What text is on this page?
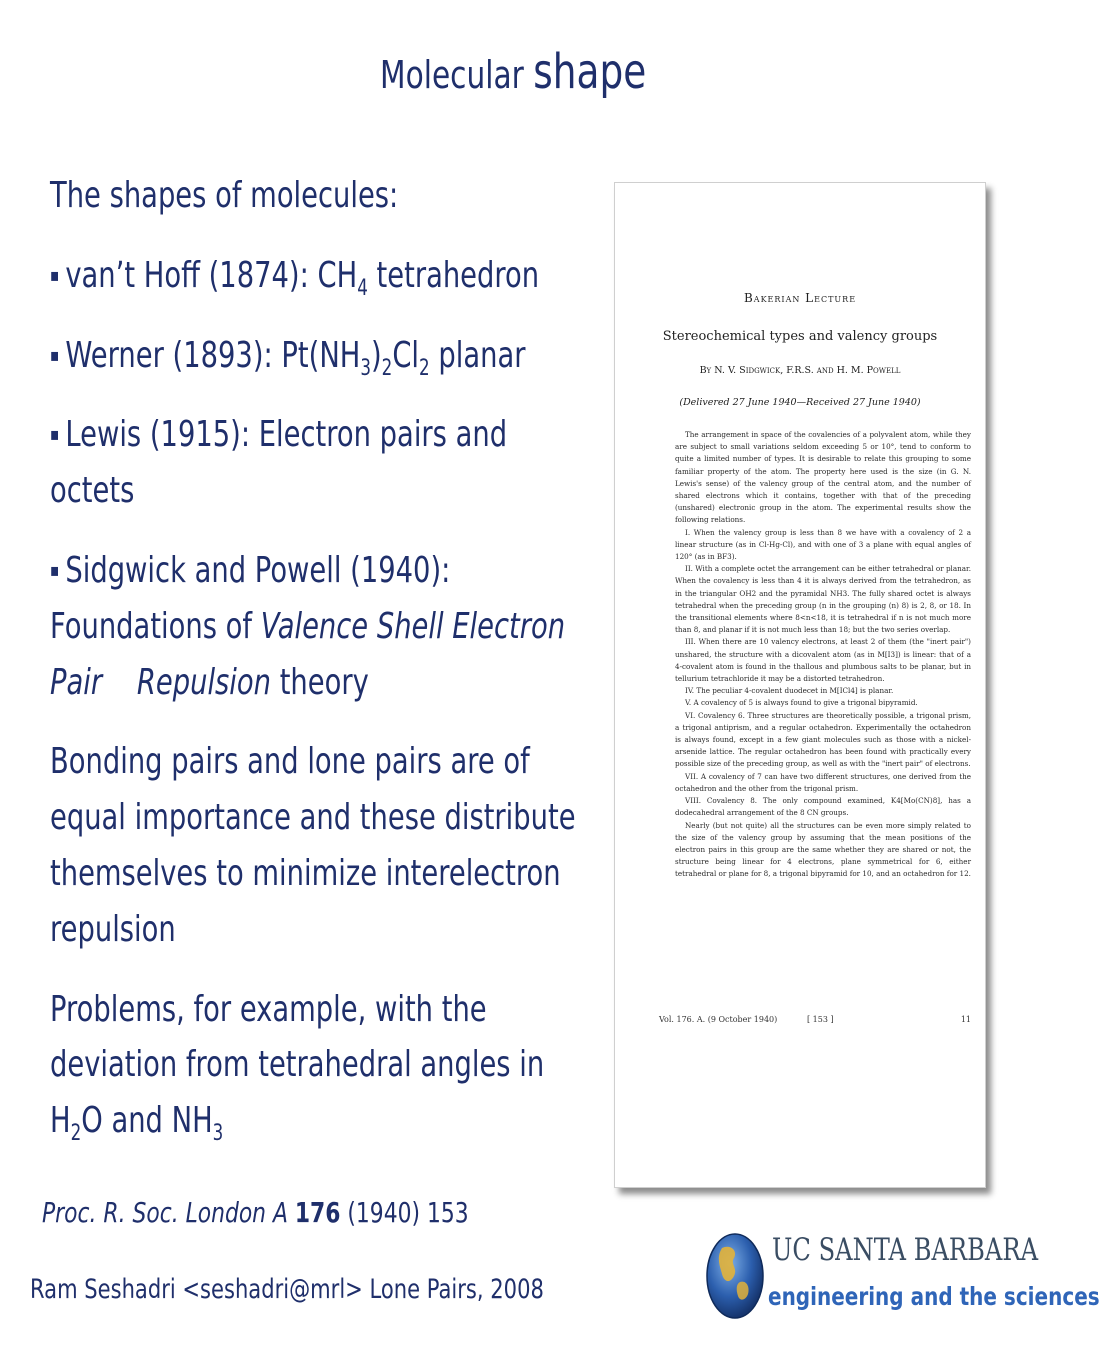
Molecular shape

The shapes of molecules:

▪ van’t Hoff (1874): $CH_4$ tetrahedron

▪ Werner (1893): $Pt(NH_3)_2Cl_2$ planar

▪ Lewis (1915): Electron pairs and octets

▪ Sidgwick and Powell (1940): Foundations of Valence Shell Electron Pair    Repulsion theory

Bonding pairs and lone pairs are of equal importance and these distribute themselves to minimize interelectron repulsion

Problems, for example, with the deviation from tetrahedral angles in $H_2O$ and $NH_3$

Bakerian Lecture
Stereochemical types and valency groups
By N. V. Sidgwick, F.R.S. and H. M. Powell
(Delivered 27 June 1940—Received 27 June 1940)

The arrangement in space of the covalencies of a polyvalent atom, while they are subject to small variations seldom exceeding 5 or 10°, tend to conform to quite a limited number of types. It is desirable to relate this grouping to some familiar property of the atom. The property here used is the size (in G. N. Lewis's sense) of the valency group of the central atom, and the number of shared electrons which it contains, together with that of the preceding (unshared) electronic group in the atom. The experimental results show the following relations.

I. When the valency group is less than 8 we have with a covalency of 2 a linear structure (as in Cl-Hg-Cl), and with one of 3 a plane with equal angles of 120° (as in BF3).

II. With a complete octet the arrangement can be either tetrahedral or planar. When the covalency is less than 4 it is always derived from the tetrahedron, as in the triangular OH2 and the pyramidal NH3. The fully shared octet is always tetrahedral when the preceding group (n in the grouping (n) 8) is 2, 8, or 18. In the transitional elements where 8<n<18, it is tetrahedral if n is not much more than 8, and planar if it is not much less than 18; but the two series overlap.

III. When there are 10 valency electrons, at least 2 of them (the "inert pair") unshared, the structure with a dicovalent atom (as in M[I3]) is linear: that of a 4-covalent atom is found in the thallous and plumbous salts to be planar, but in tellurium tetrachloride it may be a distorted tetrahedron.

IV. The peculiar 4-covalent duodecet in M[ICl4] is planar.

V. A covalency of 5 is always found to give a trigonal bipyramid.

VI. Covalency 6. Three structures are theoretically possible, a trigonal prism, a trigonal antiprism, and a regular octahedron. Experimentally the octahedron is always found, except in a few giant molecules such as those with a nickel-arsenide lattice. The regular octahedron has been found with practically every possible size of the preceding group, as well as with the "inert pair" of electrons.

VII. A covalency of 7 can have two different structures, one derived from the octahedron and the other from the trigonal prism.

VIII. Covalency 8. The only compound examined, K4[Mo(CN)8], has a dodecahedral arrangement of the 8 CN groups.

Nearly (but not quite) all the structures can be even more simply related to the size of the valency group by assuming that the mean positions of the electron pairs in this group are the same whether they are shared or not, the structure being linear for 4 electrons, plane symmetrical for 6, either tetrahedral or plane for 8, a trigonal bipyramid for 10, and an octahedron for 12.

Vol. 176. A. (9 October 1940)	[ 153 ]	11
Proc. R. Soc. London A 176 (1940) 153
Ram Seshadri <seshadri@mrl> Lone Pairs, 2008
UC SANTA BARBARA
engineering and the sciences
